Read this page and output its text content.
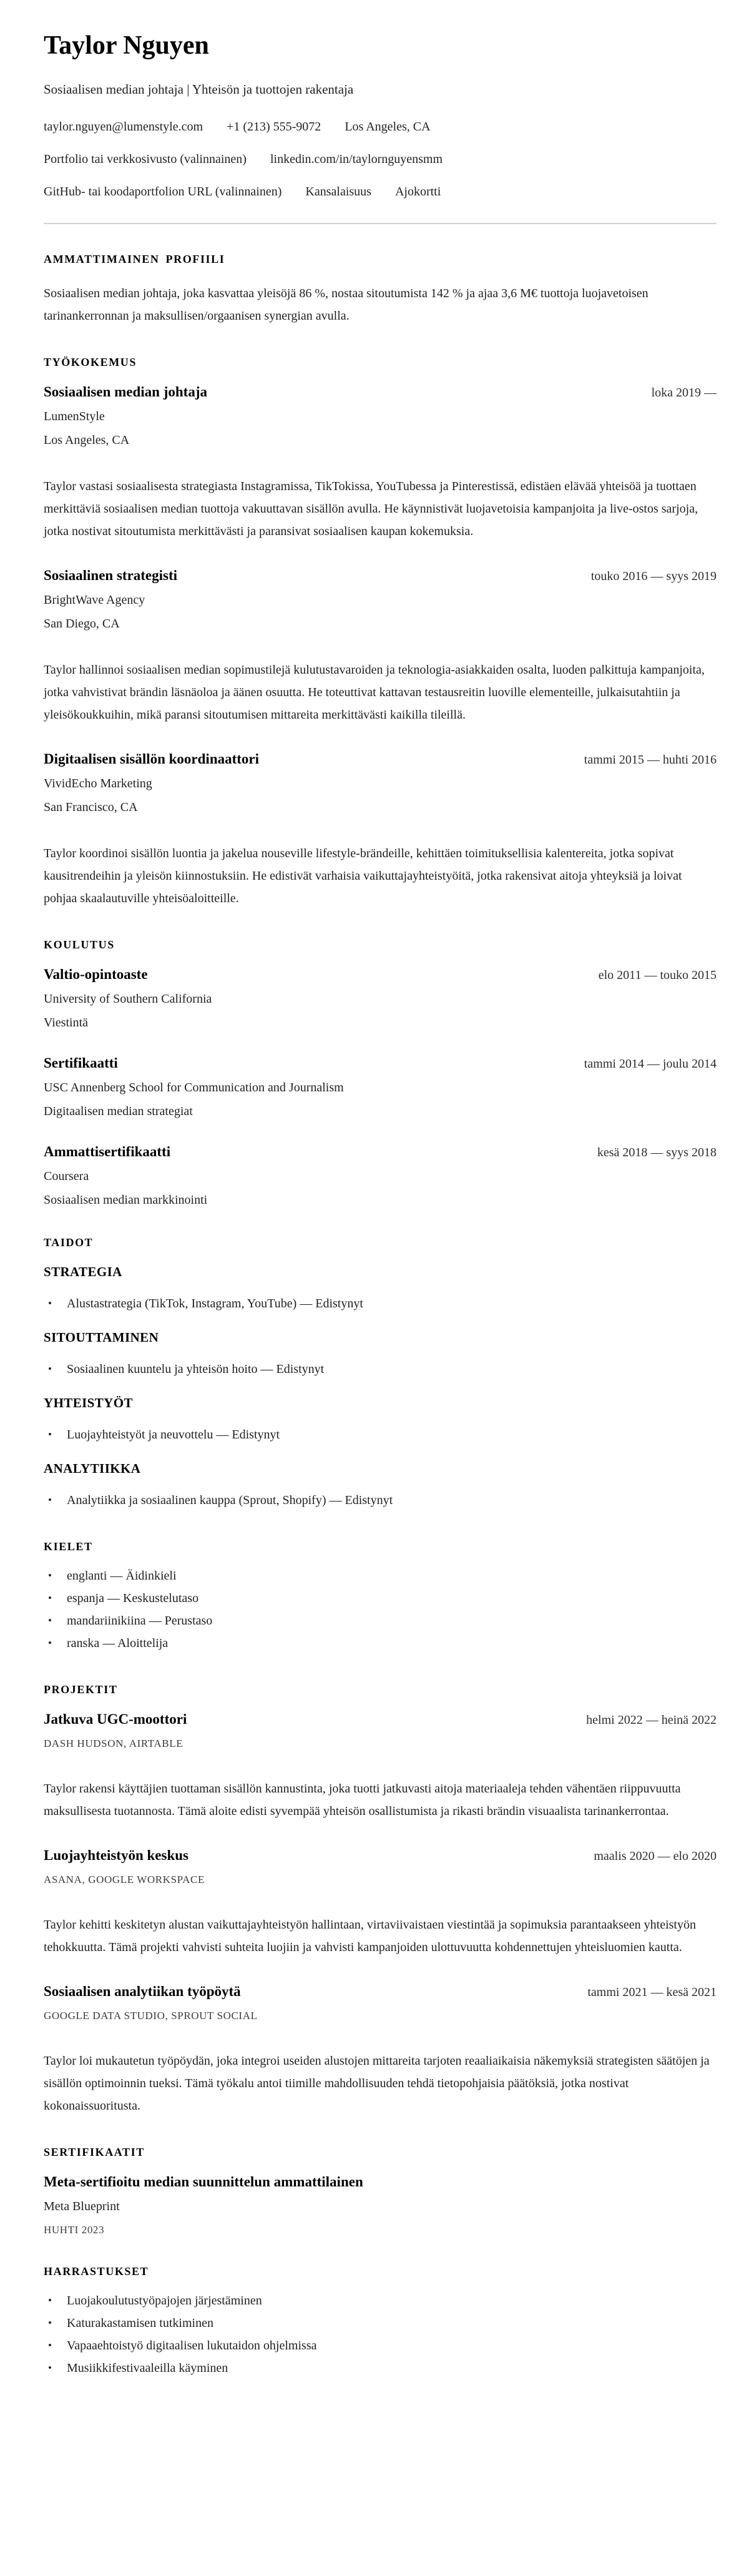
Taylor Nguyen

Sosiaalisen median johtaja | Yhteisön ja tuottojen rakentaja

taylor.nguyen@lumenstyle.com +1 (213) 555-9072 Los Angeles, CA
Portfolio tai verkkosivusto (valinnainen) linkedin.com/in/taylornguyensmm
GitHub- tai koodaportfolion URL (valinnainen) Kansalaisuus Ajokortti
AMMATTIMAINEN PROFIILI

Sosiaalisen median johtaja, joka kasvattaa yleisöjä 86 %, nostaa sitoutumista 142 % ja ajaa 3,6 M€ tuottoja luojavetoisen tarinankerronnan ja maksullisen/orgaanisen synergian avulla.

TYÖKOKEMUS
Sosiaalisen median johtaja	loka 2019 —

LumenStyle

Los Angeles, CA

Taylor vastasi sosiaalisesta strategiasta Instagramissa, TikTokissa, YouTubessa ja Pinterestissä, edistäen elävää yhteisöä ja tuottaen merkittäviä sosiaalisen median tuottoja vakuuttavan sisällön avulla. He käynnistivät luojavetoisia kampanjoita ja live-ostos sarjoja, jotka nostivat sitoutumista merkittävästi ja paransivat sosiaalisen kaupan kokemuksia.

Sosiaalinen strategisti	touko 2016 — syys 2019

BrightWave Agency

San Diego, CA

Taylor hallinnoi sosiaalisen median sopimustilejä kulutustavaroiden ja teknologia-asiakkaiden osalta, luoden palkittuja kampanjoita, jotka vahvistivat brändin läsnäoloa ja äänen osuutta. He toteuttivat kattavan testausreitin luoville elementeille, julkaisutahtiin ja yleisökoukkuihin, mikä paransi sitoutumisen mittareita merkittävästi kaikilla tileillä.

Digitaalisen sisällön koordinaattori	tammi 2015 — huhti 2016

VividEcho Marketing

San Francisco, CA

Taylor koordinoi sisällön luontia ja jakelua nouseville lifestyle-brändeille, kehittäen toimituksellisia kalentereita, jotka sopivat kausitrendeihin ja yleisön kiinnostuksiin. He edistivät varhaisia vaikuttajayhteistyöitä, jotka rakensivat aitoja yhteyksiä ja loivat pohjaa skaalautuville yhteisöaloitteille.

KOULUTUS
Valtio-opintoaste	elo 2011 — touko 2015

University of Southern California

Viestintä

Sertifikaatti	tammi 2014 — joulu 2014

USC Annenberg School for Communication and Journalism

Digitaalisen median strategiat

Ammattisertifikaatti	kesä 2018 — syys 2018

Coursera

Sosiaalisen median markkinointi

TAIDOT
STRATEGIA
• Alustastrategia (TikTok, Instagram, YouTube) — Edistynyt
SITOUTTAMINEN
• Sosiaalinen kuuntelu ja yhteisön hoito — Edistynyt
YHTEISTYÖT
• Luojayhteistyöt ja neuvottelu — Edistynyt
ANALYTIIKKA
• Analytiikka ja sosiaalinen kauppa (Sprout, Shopify) — Edistynyt
KIELET
• englanti — Äidinkieli
• espanja — Keskustelutaso
• mandariinikiina — Perustaso
• ranska — Aloittelija
PROJEKTIT
Jatkuva UGC-moottori	helmi 2022 — heinä 2022

DASH HUDSON, AIRTABLE

Taylor rakensi käyttäjien tuottaman sisällön kannustinta, joka tuotti jatkuvasti aitoja materiaaleja tehden vähentäen riippuvuutta maksullisesta tuotannosta. Tämä aloite edisti syvempää yhteisön osallistumista ja rikasti brändin visuaalista tarinankerrontaa.

Luojayhteistyön keskus	maalis 2020 — elo 2020

ASANA, GOOGLE WORKSPACE

Taylor kehitti keskitetyn alustan vaikuttajayhteistyön hallintaan, virtaviivaistaen viestintää ja sopimuksia parantaakseen yhteistyön tehokkuutta. Tämä projekti vahvisti suhteita luojiin ja vahvisti kampanjoiden ulottuvuutta kohdennettujen yhteisluomien kautta.

Sosiaalisen analytiikan työpöytä	tammi 2021 — kesä 2021

GOOGLE DATA STUDIO, SPROUT SOCIAL

Taylor loi mukautetun työpöydän, joka integroi useiden alustojen mittareita tarjoten reaaliaikaisia näkemyksiä strategisten säätöjen ja sisällön optimoinnin tueksi. Tämä työkalu antoi tiimille mahdollisuuden tehdä tietopohjaisia päätöksiä, jotka nostivat kokonaissuoritusta.

SERTIFIKAATIT
Meta-sertifioitu median suunnittelun ammattilainen

Meta Blueprint

HUHTI 2023

HARRASTUKSET
• Luojakoulutustyöpajojen järjestäminen
• Katurakastamisen tutkiminen
• Vapaaehtoistyö digitaalisen lukutaidon ohjelmissa
• Musiikkifestivaaleilla käyminen
